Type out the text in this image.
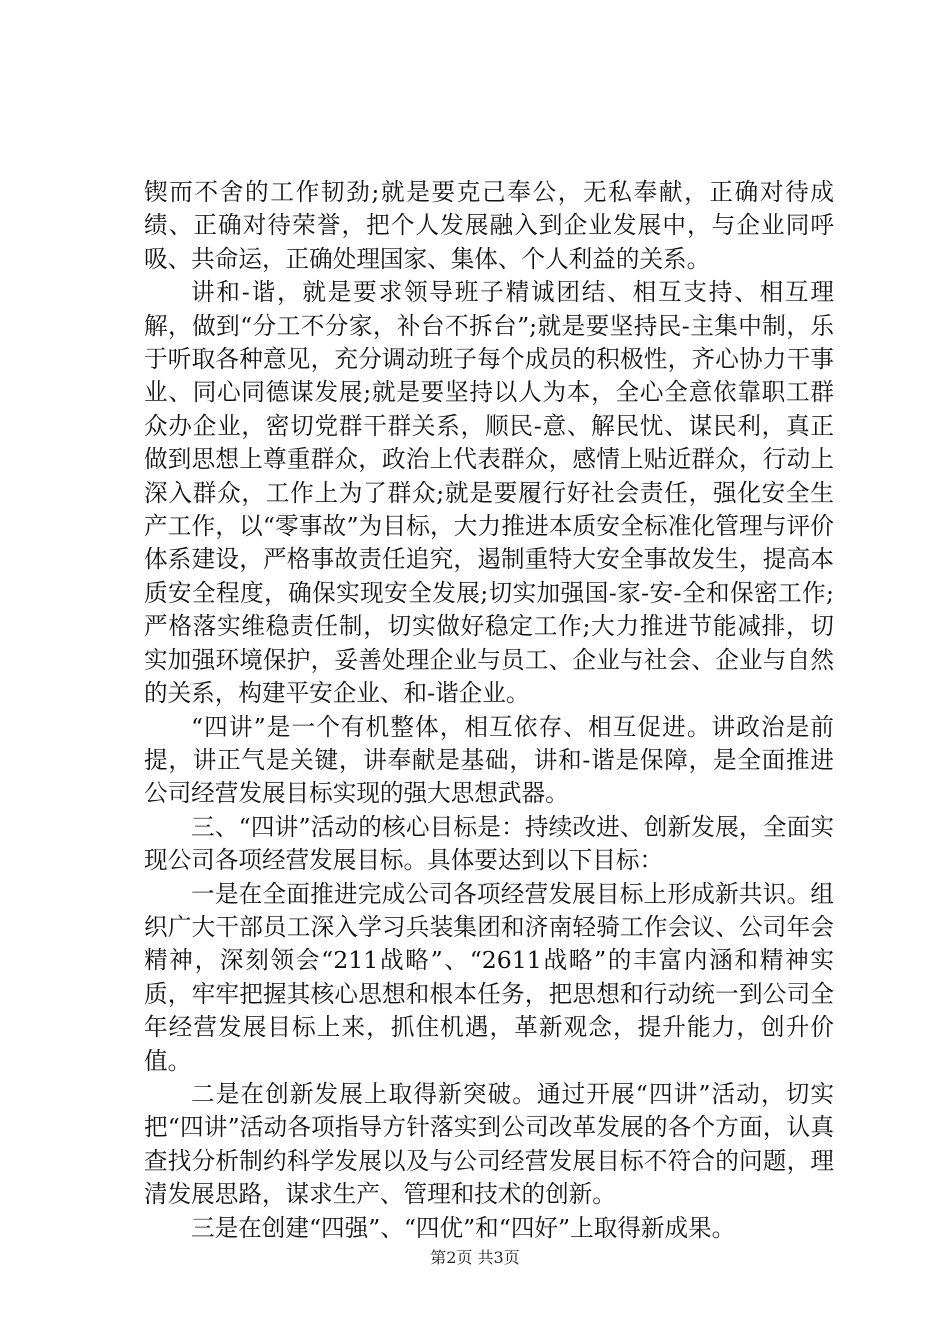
锲而不舍的工作韧劲;就是要克己奉公，无私奉献，正确对待成绩、正确对待荣誉，把个人发展融入到企业发展中，与企业同呼吸、共命运，正确处理国家、集体、个人利益的关系。

讲和-谐，就是要求领导班子精诚团结、相互支持、相互理解，做到“分工不分家，补台不拆台”;就是要坚持民-主集中制，乐于听取各种意见，充分调动班子每个成员的积极性，齐心协力干事业、同心同德谋发展;就是要坚持以人为本，全心全意依靠职工群众办企业，密切党群干群关系，顺民-意、解民忧、谋民利，真正做到思想上尊重群众，政治上代表群众，感情上贴近群众，行动上深入群众，工作上为了群众;就是要履行好社会责任，强化安全生产工作，以“零事故”为目标，大力推进本质安全标准化管理与评价体系建设，严格事故责任追究，遏制重特大安全事故发生，提高本质安全程度，确保实现安全发展;切实加强国-家-安-全和保密工作;严格落实维稳责任制，切实做好稳定工作;大力推进节能减排，切实加强环境保护，妥善处理企业与员工、企业与社会、企业与自然的关系，构建平安企业、和-谐企业。

“四讲”是一个有机整体，相互依存、相互促进。讲政治是前提，讲正气是关键，讲奉献是基础，讲和-谐是保障，是全面推进公司经营发展目标实现的强大思想武器。

三、“四讲”活动的核心目标是：持续改进、创新发展，全面实现公司各项经营发展目标。具体要达到以下目标：

一是在全面推进完成公司各项经营发展目标上形成新共识。组织广大干部员工深入学习兵装集团和济南轻骑工作会议、公司年会精神，深刻领会“211战略”、“2611战略”的丰富内涵和精神实质，牢牢把握其核心思想和根本任务，把思想和行动统一到公司全年经营发展目标上来，抓住机遇，革新观念，提升能力，创升价值。

二是在创新发展上取得新突破。通过开展“四讲”活动，切实把“四讲”活动各项指导方针落实到公司改革发展的各个方面，认真查找分析制约科学发展以及与公司经营发展目标不符合的问题，理清发展思路，谋求生产、管理和技术的创新。

三是在创建“四强”、“四优”和“四好”上取得新成果。

第2页 共3页
